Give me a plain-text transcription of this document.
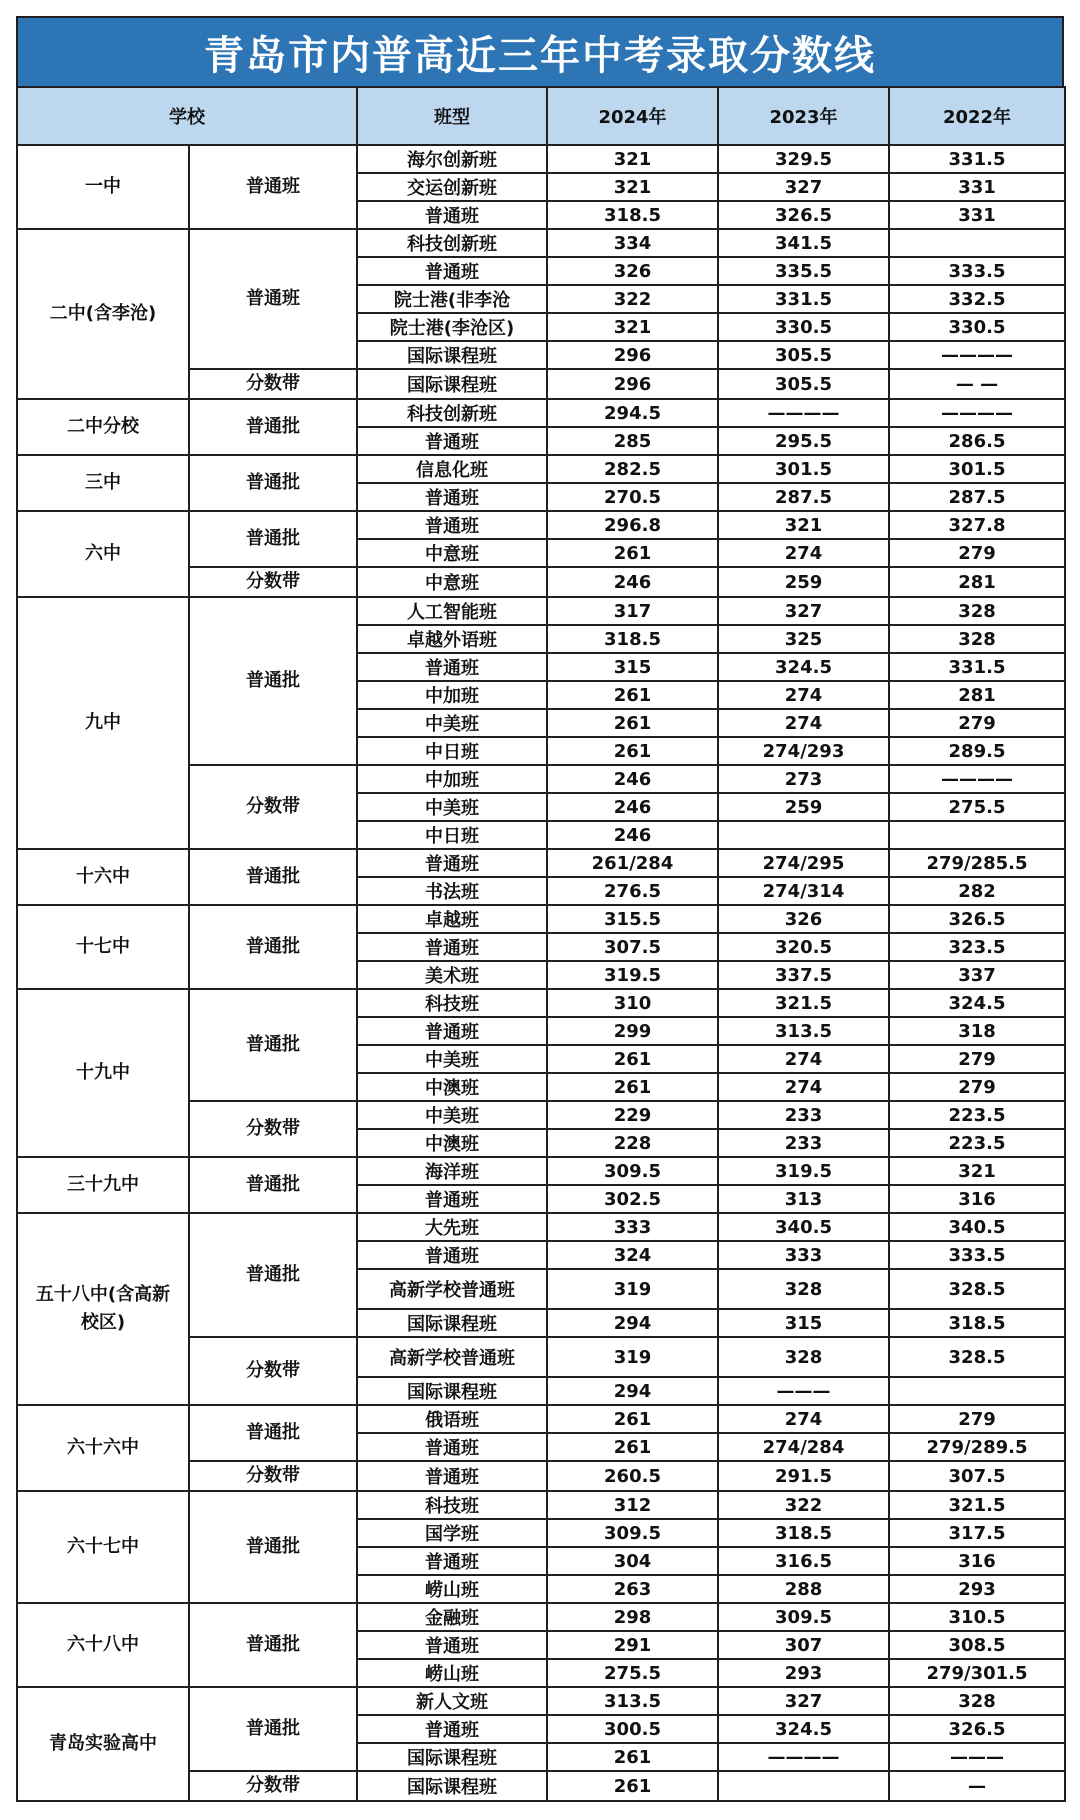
青岛市内普高近三年中考录取分数线
学校		班型	2024年	2023年	2022年
一中	普通班	海尔创新班	321	329.5	331.5
		交运创新班	321	327	331
		普通班	318.5	326.5	331
二中(含李沧)	普通班	科技创新班	334	341.5	
		普通班	326	335.5	333.5
		院士港(非李沧	322	331.5	332.5
		院士港(李沧区)	321	330.5	330.5
		国际课程班	296	305.5	————
	分数带	国际课程班	296	305.5	— —
二中分校	普通批	科技创新班	294.5	————	————
		普通班	285	295.5	286.5
三中	普通批	信息化班	282.5	301.5	301.5
		普通班	270.5	287.5	287.5
六中	普通批	普通班	296.8	321	327.8
		中意班	261	274	279
	分数带	中意班	246	259	281
九中	普通批	人工智能班	317	327	328
		卓越外语班	318.5	325	328
		普通班	315	324.5	331.5
		中加班	261	274	281
		中美班	261	274	279
		中日班	261	274/293	289.5
	分数带	中加班	246	273	————
		中美班	246	259	275.5
		中日班	246		
十六中	普通批	普通班	261/284	274/295	279/285.5
		书法班	276.5	274/314	282
十七中	普通批	卓越班	315.5	326	326.5
		普通班	307.5	320.5	323.5
		美术班	319.5	337.5	337
十九中	普通批	科技班	310	321.5	324.5
		普通班	299	313.5	318
		中美班	261	274	279
		中澳班	261	274	279
	分数带	中美班	229	233	223.5
		中澳班	228	233	223.5
三十九中	普通批	海洋班	309.5	319.5	321
		普通班	302.5	313	316
五十八中(含高新校区)	普通批	大先班	333	340.5	340.5
		普通班	324	333	333.5
		高新学校普通班	319	328	328.5
		国际课程班	294	315	318.5
	分数带	高新学校普通班	319	328	328.5
		国际课程班	294	———	
六十六中	普通批	俄语班	261	274	279
		普通班	261	274/284	279/289.5
	分数带	普通班	260.5	291.5	307.5
六十七中	普通批	科技班	312	322	321.5
		国学班	309.5	318.5	317.5
		普通班	304	316.5	316
		崂山班	263	288	293
六十八中	普通批	金融班	298	309.5	310.5
		普通班	291	307	308.5
		崂山班	275.5	293	279/301.5
青岛实验高中	普通批	新人文班	313.5	327	328
		普通班	300.5	324.5	326.5
		国际课程班	261	————	———
	分数带	国际课程班	261		—
